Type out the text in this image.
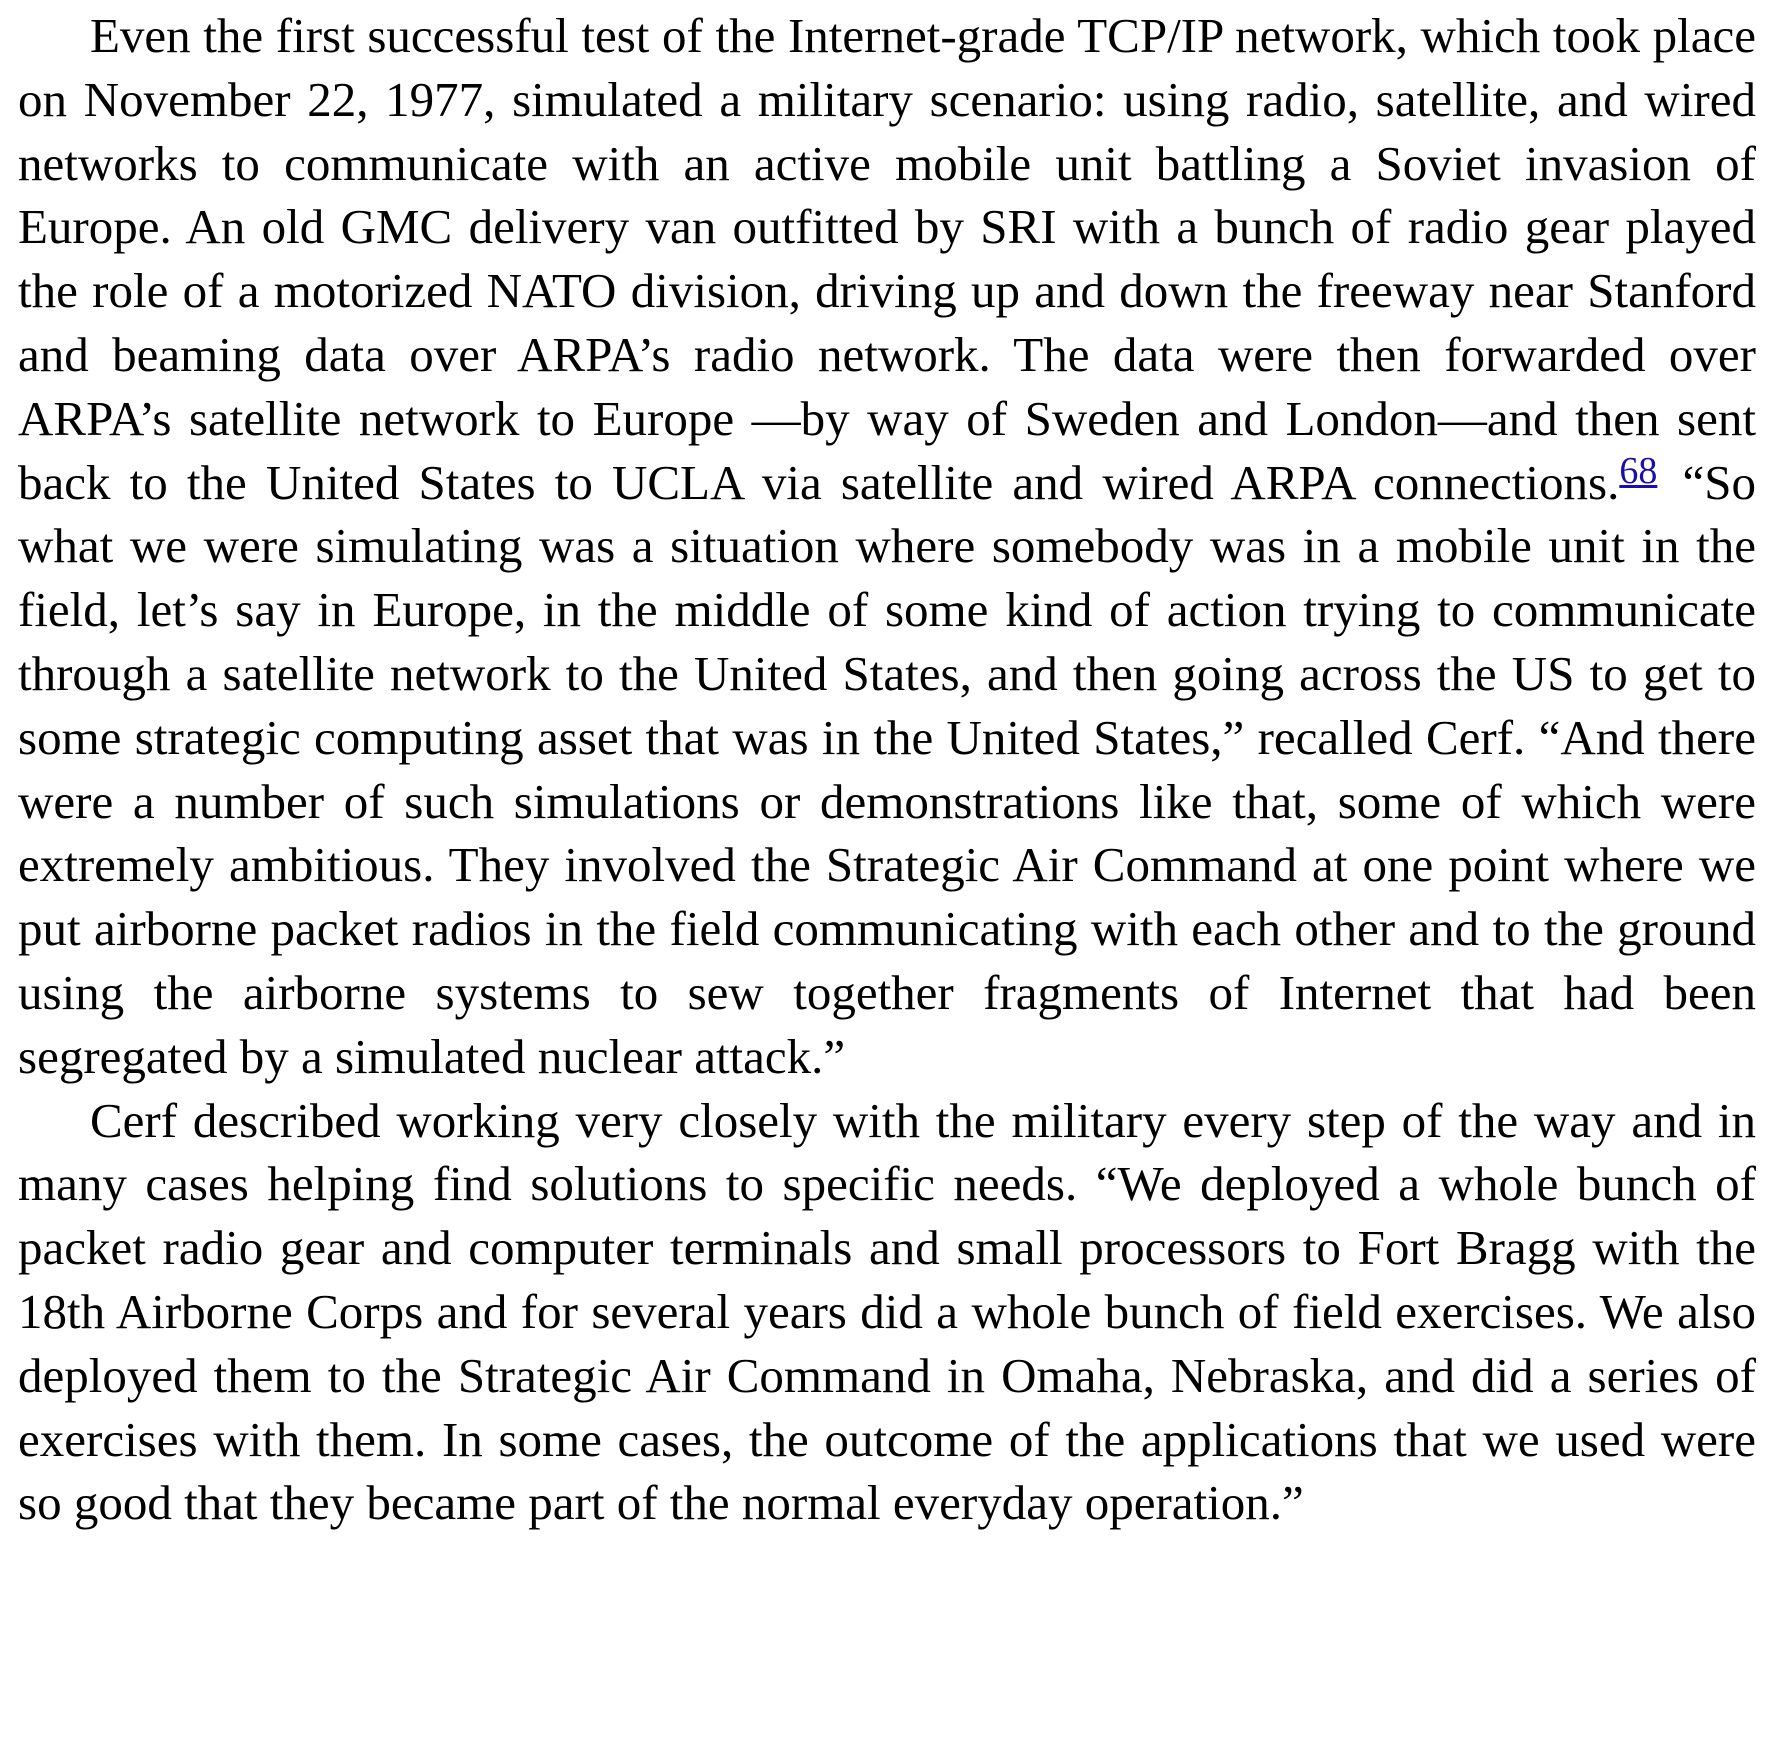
Even the first successful test of the Internet-grade TCP/IP network, which took place on November 22, 1977, simulated a military scenario: using radio, satellite, and wired networks to communicate with an active mobile unit battling a Soviet invasion of Europe. An old GMC delivery van outfitted by SRI with a bunch of radio gear played the role of a motorized NATO division, driving up and down the freeway near Stanford and beaming data over ARPA’s radio network. The data were then forwarded over ARPA’s satellite network to Europe —by way of Sweden and London—and then sent back to the United States to UCLA via satellite and wired ARPA connections.$^{68}$ “So what we were simulating was a situation where somebody was in a mobile unit in the field, let’s say in Europe, in the middle of some kind of action trying to communicate through a satellite network to the United States, and then going across the US to get to some strategic computing asset that was in the United States,” recalled Cerf. “And there were a number of such simulations or demonstrations like that, some of which were extremely ambitious. They involved the Strategic Air Command at one point where we put airborne packet radios in the field communicating with each other and to the ground using the airborne systems to sew together fragments of Internet that had been segregated by a simulated nuclear attack.”

Cerf described working very closely with the military every step of the way and in many cases helping find solutions to specific needs. “We deployed a whole bunch of packet radio gear and computer terminals and small processors to Fort Bragg with the 18th Airborne Corps and for several years did a whole bunch of field exercises. We also deployed them to the Strategic Air Command in Omaha, Nebraska, and did a series of exercises with them. In some cases, the outcome of the applications that we used were so good that they became part of the normal everyday operation.”
